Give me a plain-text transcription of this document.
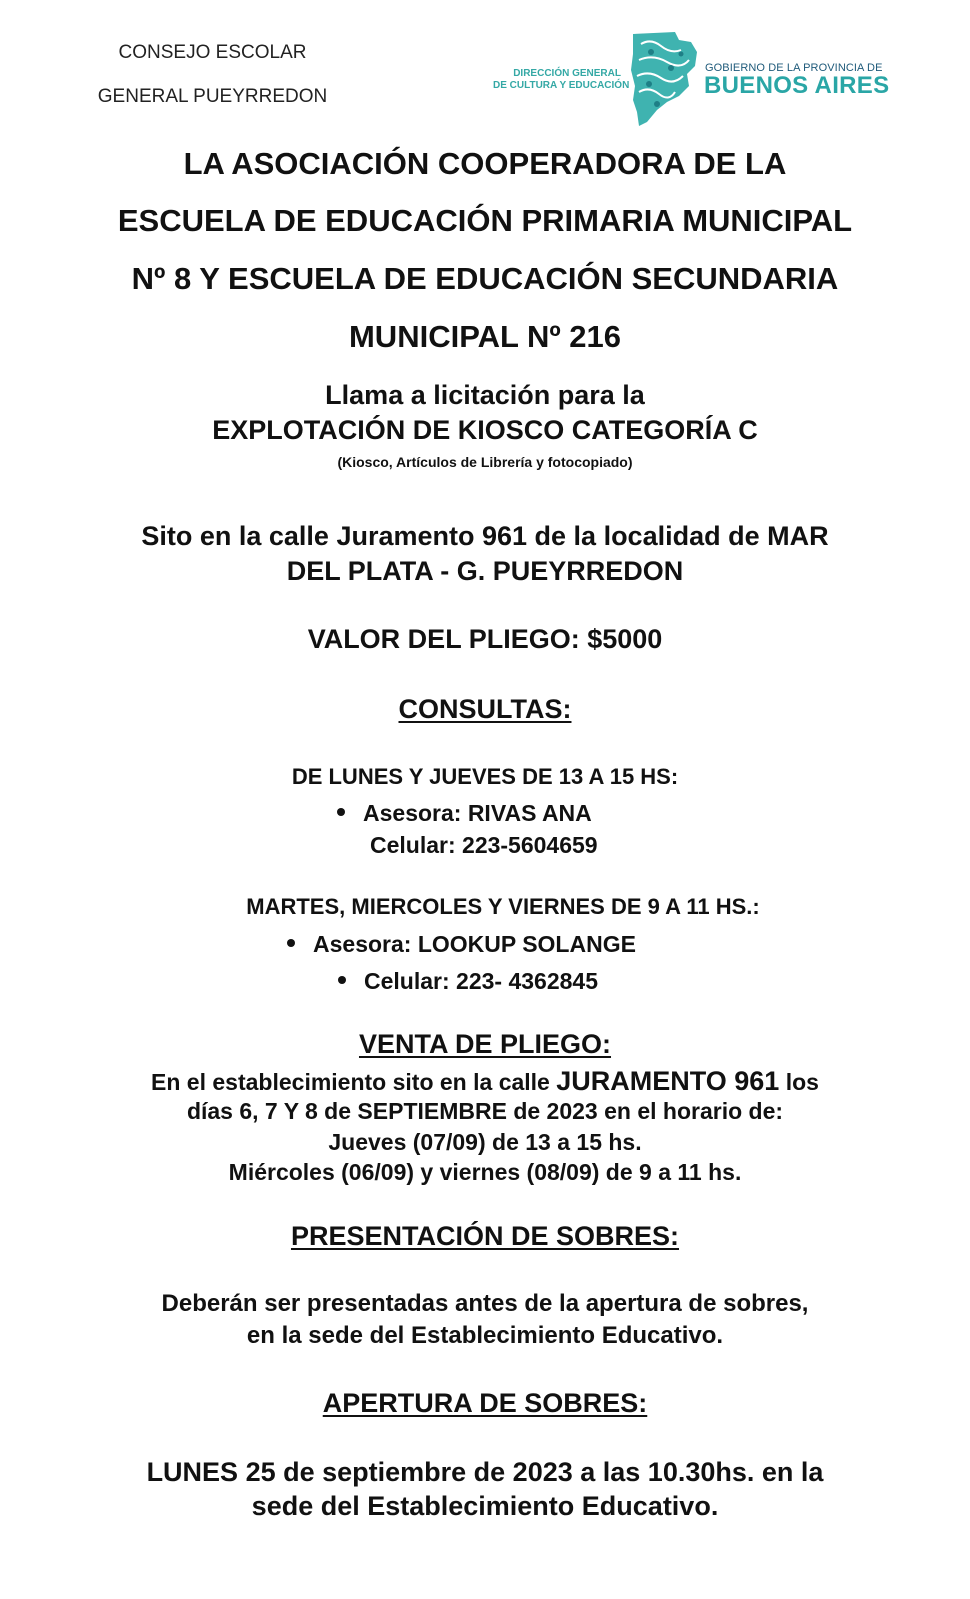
CONSEJO ESCOLAR
GENERAL PUEYRREDON
DIRECCIÓN GENERAL
DE CULTURA Y EDUCACIÓN
GOBIERNO DE LA PROVINCIA DE
BUENOS AIRES
LA ASOCIACIÓN COOPERADORA DE LA
ESCUELA DE EDUCACIÓN PRIMARIA MUNICIPAL
Nº 8 Y ESCUELA DE EDUCACIÓN SECUNDARIA
MUNICIPAL Nº 216
Llama a licitación para la
EXPLOTACIÓN DE KIOSCO CATEGORÍA C
(Kiosco, Artículos de Librería y fotocopiado)
Sito en la calle Juramento 961 de la localidad de MAR
DEL PLATA - G. PUEYRREDON
VALOR DEL PLIEGO: $5000
CONSULTAS:
DE LUNES Y JUEVES DE 13 A 15 HS:
Asesora: RIVAS ANA
Celular: 223-5604659
MARTES, MIERCOLES Y VIERNES DE 9 A 11 HS.:
Asesora: LOOKUP SOLANGE
Celular: 223- 4362845
VENTA DE PLIEGO:
En el establecimiento sito en la calle JURAMENTO 961 los
días 6, 7 Y 8 de SEPTIEMBRE de 2023 en el horario de:
Jueves (07/09) de 13 a 15 hs.
Miércoles (06/09) y viernes (08/09) de 9 a 11 hs.
PRESENTACIÓN DE SOBRES:
Deberán ser presentadas antes de la apertura de sobres,
en la sede del Establecimiento Educativo.
APERTURA DE SOBRES:
LUNES 25 de septiembre de 2023 a las 10.30hs. en la
sede del Establecimiento Educativo.
